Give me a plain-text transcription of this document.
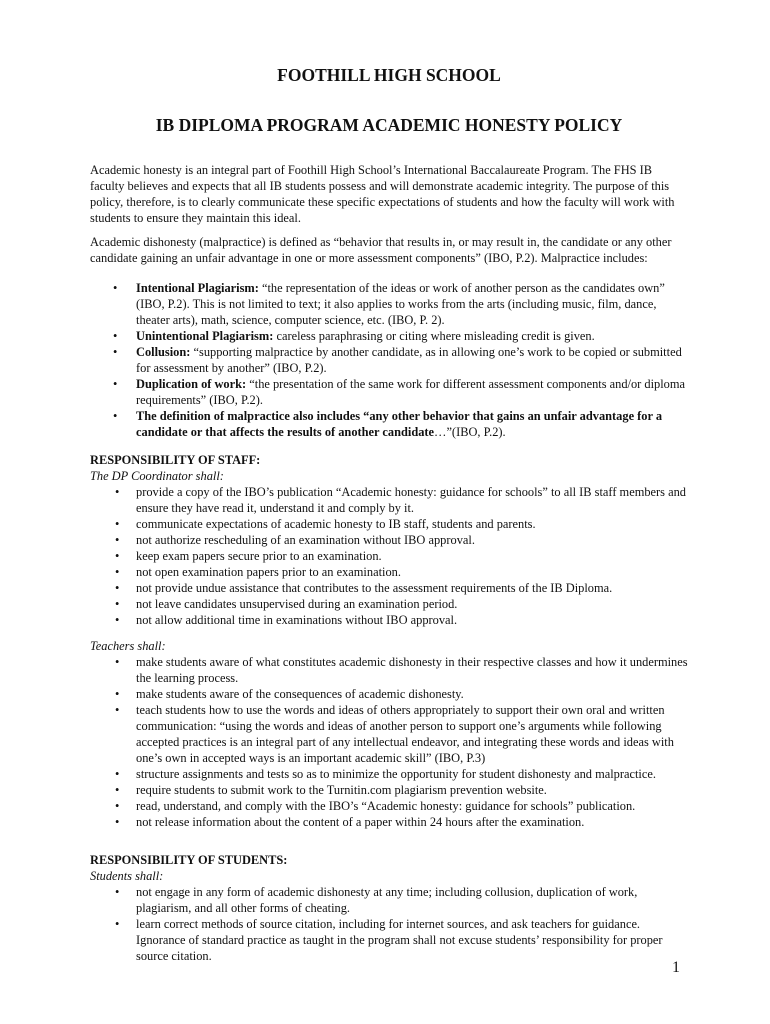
FOOTHILL HIGH SCHOOL
IB DIPLOMA PROGRAM ACADEMIC HONESTY POLICY

Academic honesty is an integral part of Foothill High School’s International Baccalaureate Program. The FHS IB faculty believes and expects that all IB students possess and will demonstrate academic integrity. The purpose of this policy, therefore, is to clearly communicate these specific expectations of students and how the faculty will work with students to ensure they maintain this ideal.

Academic dishonesty (malpractice) is defined as “behavior that results in, or may result in, the candidate or any other candidate gaining an unfair advantage in one or more assessment components” (IBO, P.2). Malpractice includes:

• Intentional Plagiarism: “the representation of the ideas or work of another person as the candidates own” (IBO, P.2). This is not limited to text; it also applies to works from the arts (including music, film, dance, theater arts), math, science, computer science, etc. (IBO, P. 2).
• Unintentional Plagiarism: careless paraphrasing or citing where misleading credit is given.
• Collusion: “supporting malpractice by another candidate, as in allowing one’s work to be copied or submitted for assessment by another” (IBO, P.2).
• Duplication of work: “the presentation of the same work for different assessment components and/or diploma requirements” (IBO, P.2).
• The definition of malpractice also includes “any other behavior that gains an unfair advantage for a candidate or that affects the results of another candidate…”(IBO, P.2).
RESPONSIBILITY OF STAFF:
The DP Coordinator shall:
• provide a copy of the IBO’s publication “Academic honesty: guidance for schools” to all IB staff members and ensure they have read it, understand it and comply by it.
• communicate expectations of academic honesty to IB staff, students and parents.
• not authorize rescheduling of an examination without IBO approval.
• keep exam papers secure prior to an examination.
• not open examination papers prior to an examination.
• not provide undue assistance that contributes to the assessment requirements of the IB Diploma.
• not leave candidates unsupervised during an examination period.
• not allow additional time in examinations without IBO approval.
Teachers shall:
• make students aware of what constitutes academic dishonesty in their respective classes and how it undermines the learning process.
• make students aware of the consequences of academic dishonesty.
• teach students how to use the words and ideas of others appropriately to support their own oral and written communication: “using the words and ideas of another person to support one’s arguments while following accepted practices is an integral part of any intellectual endeavor, and integrating these words and ideas with one’s own in accepted ways is an important academic skill” (IBO, P.3)
• structure assignments and tests so as to minimize the opportunity for student dishonesty and malpractice.
• require students to submit work to the Turnitin.com plagiarism prevention website.
• read, understand, and comply with the IBO’s “Academic honesty: guidance for schools” publication.
• not release information about the content of a paper within 24 hours after the examination.
RESPONSIBILITY OF STUDENTS:
Students shall:
• not engage in any form of academic dishonesty at any time; including collusion, duplication of work, plagiarism, and all other forms of cheating.
• learn correct methods of source citation, including for internet sources, and ask teachers for guidance. Ignorance of standard practice as taught in the program shall not excuse students’ responsibility for proper source citation.
1
